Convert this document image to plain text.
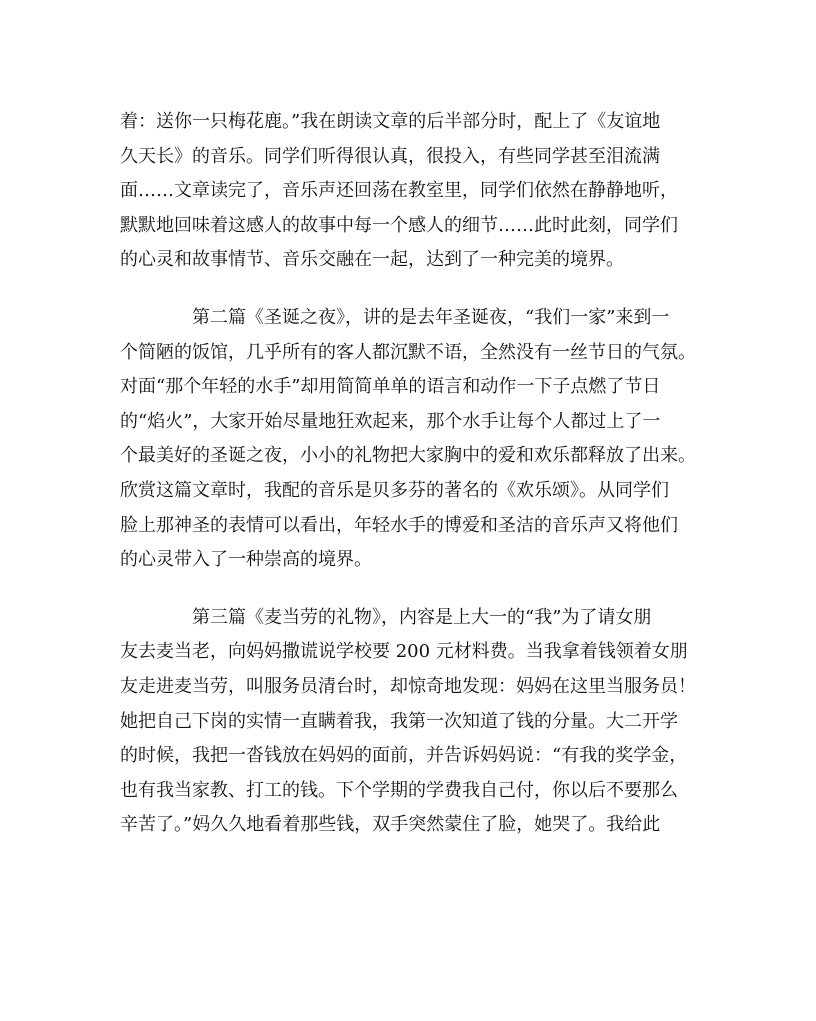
着：送你一只梅花鹿。”我在朗读文章的后半部分时，配上了《友谊地
久天长》的音乐。同学们听得很认真，很投入，有些同学甚至泪流满
面……文章读完了，音乐声还回荡在教室里，同学们依然在静静地听，
默默地回味着这感人的故事中每一个感人的细节……此时此刻，同学们
的心灵和故事情节、音乐交融在一起，达到了一种完美的境界。
第二篇《圣诞之夜》，讲的是去年圣诞夜，“我们一家”来到一
个简陋的饭馆，几乎所有的客人都沉默不语，全然没有一丝节日的气氛。
对面“那个年轻的水手”却用简简单单的语言和动作一下子点燃了节日
的“焰火”，大家开始尽量地狂欢起来，那个水手让每个人都过上了一
个最美好的圣诞之夜，小小的礼物把大家胸中的爱和欢乐都释放了出来。
欣赏这篇文章时，我配的音乐是贝多芬的著名的《欢乐颂》。从同学们
脸上那神圣的表情可以看出，年轻水手的博爱和圣洁的音乐声又将他们
的心灵带入了一种崇高的境界。
第三篇《麦当劳的礼物》，内容是上大一的“我”为了请女朋
友去麦当老，向妈妈撒谎说学校要 200 元材料费。当我拿着钱领着女朋
友走进麦当劳，叫服务员清台时，却惊奇地发现：妈妈在这里当服务员！
她把自己下岗的实情一直瞒着我，我第一次知道了钱的分量。大二开学
的时候，我把一沓钱放在妈妈的面前，并告诉妈妈说：“有我的奖学金，
也有我当家教、打工的钱。下个学期的学费我自己付，你以后不要那么
辛苦了。”妈久久地看着那些钱，双手突然蒙住了脸，她哭了。我给此
